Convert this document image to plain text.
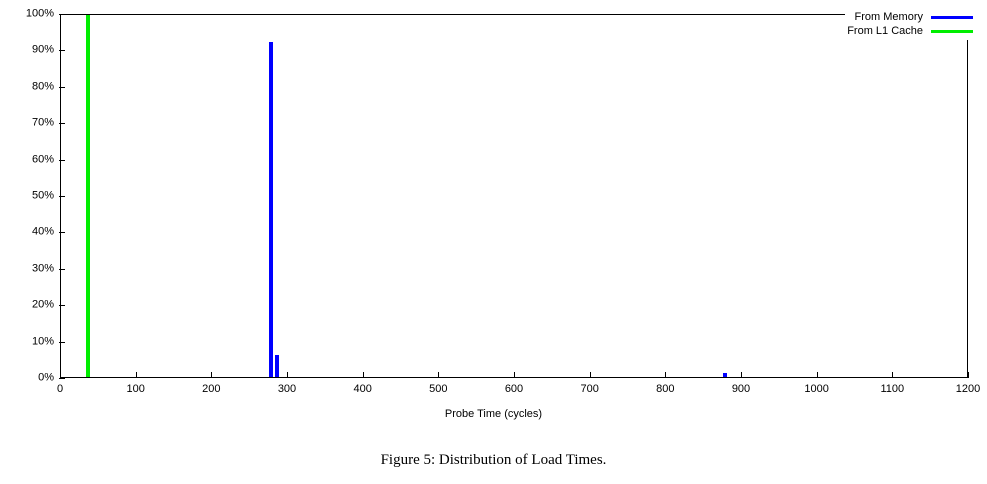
0%
10%
20%
30%
40%
50%
60%
70%
80%
90%
100%	From Memory
From L1 Cache
Probe Time (cycles)
Figure 5: Distribution of Load Times.
0	100	200	300	400	500	600	700	800	900	1000	1100	1200
